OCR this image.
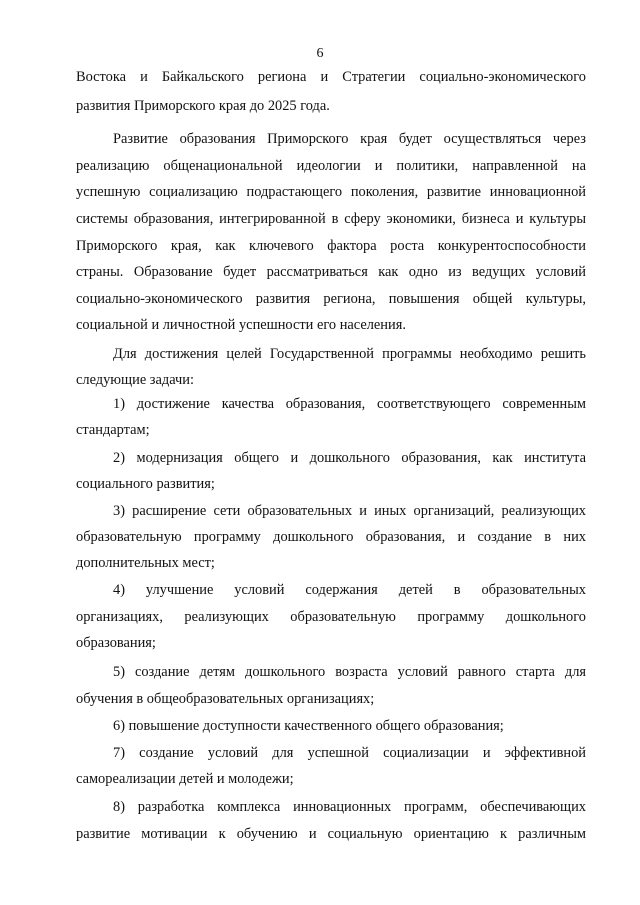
6
Востока и Байкальского региона и Стратегии социально-экономического
развития Приморского края до 2025 года.
Развитие образования Приморского края будет осуществляться через
реализацию общенациональной идеологии и политики, направленной на
успешную социализацию подрастающего поколения, развитие инновационной
системы образования, интегрированной в сферу экономики, бизнеса и культуры
Приморского края, как ключевого фактора роста конкурентоспособности
страны. Образование будет рассматриваться как одно из ведущих условий
социально-экономического развития региона, повышения общей культуры,
социальной и личностной успешности его населения.
Для достижения целей Государственной программы необходимо решить
следующие задачи:
1) достижение качества образования, соответствующего современным
стандартам;
2) модернизация общего и дошкольного образования, как института
социального развития;
3) расширение сети образовательных и иных организаций, реализующих
образовательную программу дошкольного образования, и создание в них
дополнительных мест;
4) улучшение условий содержания детей в образовательных
организациях, реализующих образовательную программу дошкольного
образования;
5) создание детям дошкольного возраста условий равного старта для
обучения в общеобразовательных организациях;
6) повышение доступности качественного общего образования;
7) создание условий для успешной социализации и эффективной
самореализации детей и молодежи;
8) разработка комплекса инновационных программ, обеспечивающих
развитие мотивации к обучению и социальную ориентацию к различным
